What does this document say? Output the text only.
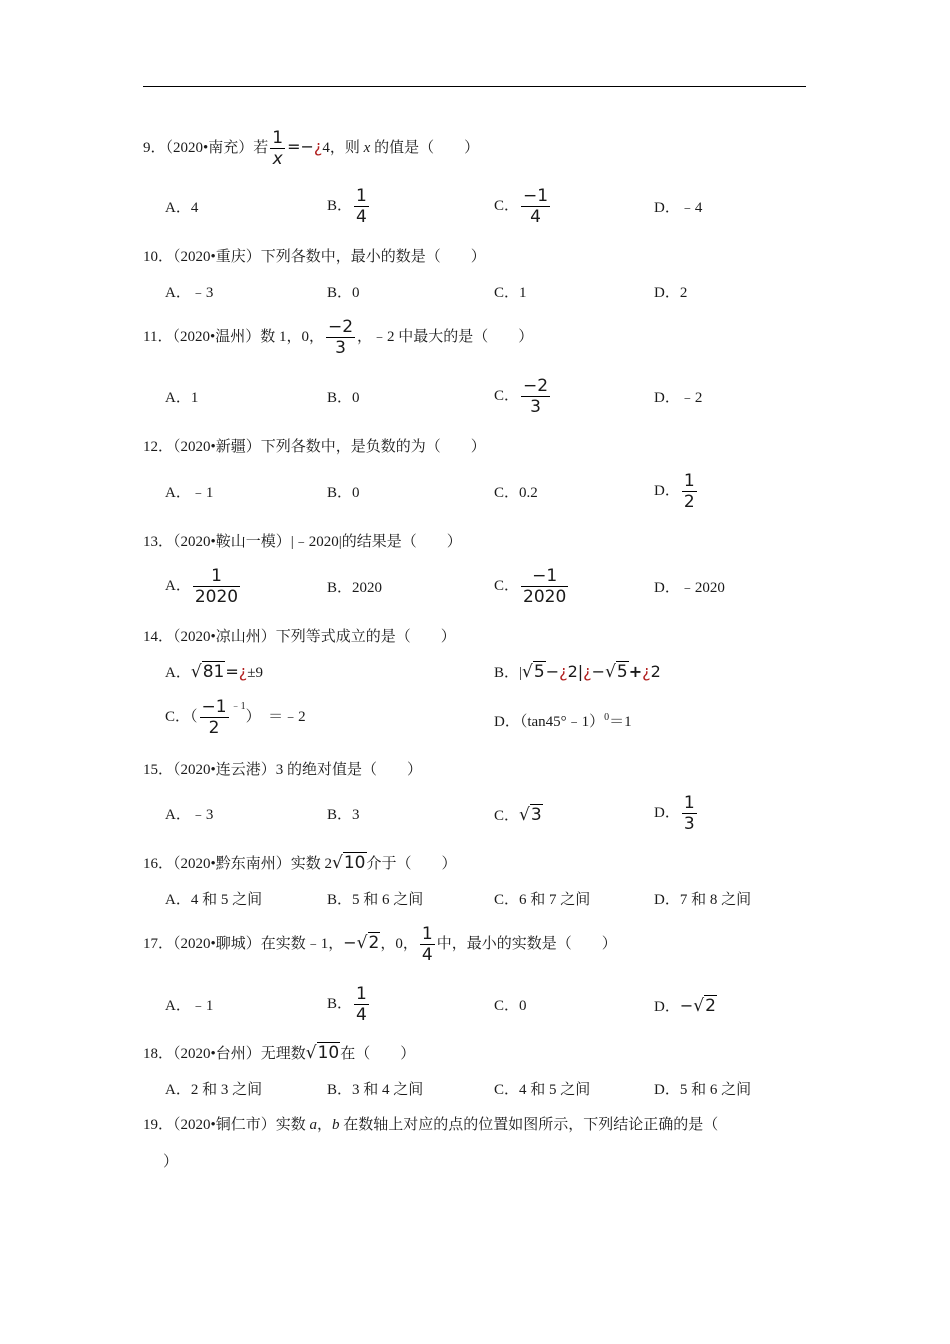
9．（2020•南充）若 $\frac{1}{x}$ =−¿4，则 x 的值是（　　）
A．4	B． $\frac{1}{4}$	C． $\frac{-1}{4}$	D．﹣4
10．（2020•重庆）下列各数中，最小的数是（　　）
A．﹣3	B．0	C．1	D．2
11．（2020•温州）数 1，0， $\frac{-2}{3}$ ，﹣2 中最大的是（　　）
A．1	B．0	C． $\frac{-2}{3}$	D．﹣2
12．（2020•新疆）下列各数中，是负数的为（　　）
A．﹣1	B．0	C．0.2	D． $\frac{1}{2}$
13．（2020•鞍山一模）|﹣2020|的结果是（　　）
A． $\frac{1}{2020}$	B．2020	C． $\frac{-1}{2020}$	D．﹣2020
14．（2020•凉山州）下列等式成立的是（　　）
A．√81=¿±9	B．|√5−¿2|¿−√5+¿2
C．（ $\frac{-1}{2} ^{﹣1}$）　＝﹣2	D．（tan45°﹣1）$^0$＝1
15．（2020•连云港）3 的绝对值是（　　）
A．﹣3	B．3	C．√3	D． $\frac{1}{3}$
16．（2020•黔东南州）实数 2√10介于（　　）
A．4 和 5 之间	B．5 和 6 之间	C．6 和 7 之间	D．7 和 8 之间
17．（2020•聊城）在实数﹣1，−√2，0， $\frac{1}{4}$ 中，最小的实数是（　　）
A．﹣1	B． $\frac{1}{4}$	C．0	D．−√2
18．（2020•台州）无理数√10在（　　）
A．2 和 3 之间	B．3 和 4 之间	C．4 和 5 之间	D．5 和 6 之间
19．（2020•铜仁市）实数 a，b 在数轴上对应的点的位置如图所示，下列结论正确的是（
）
